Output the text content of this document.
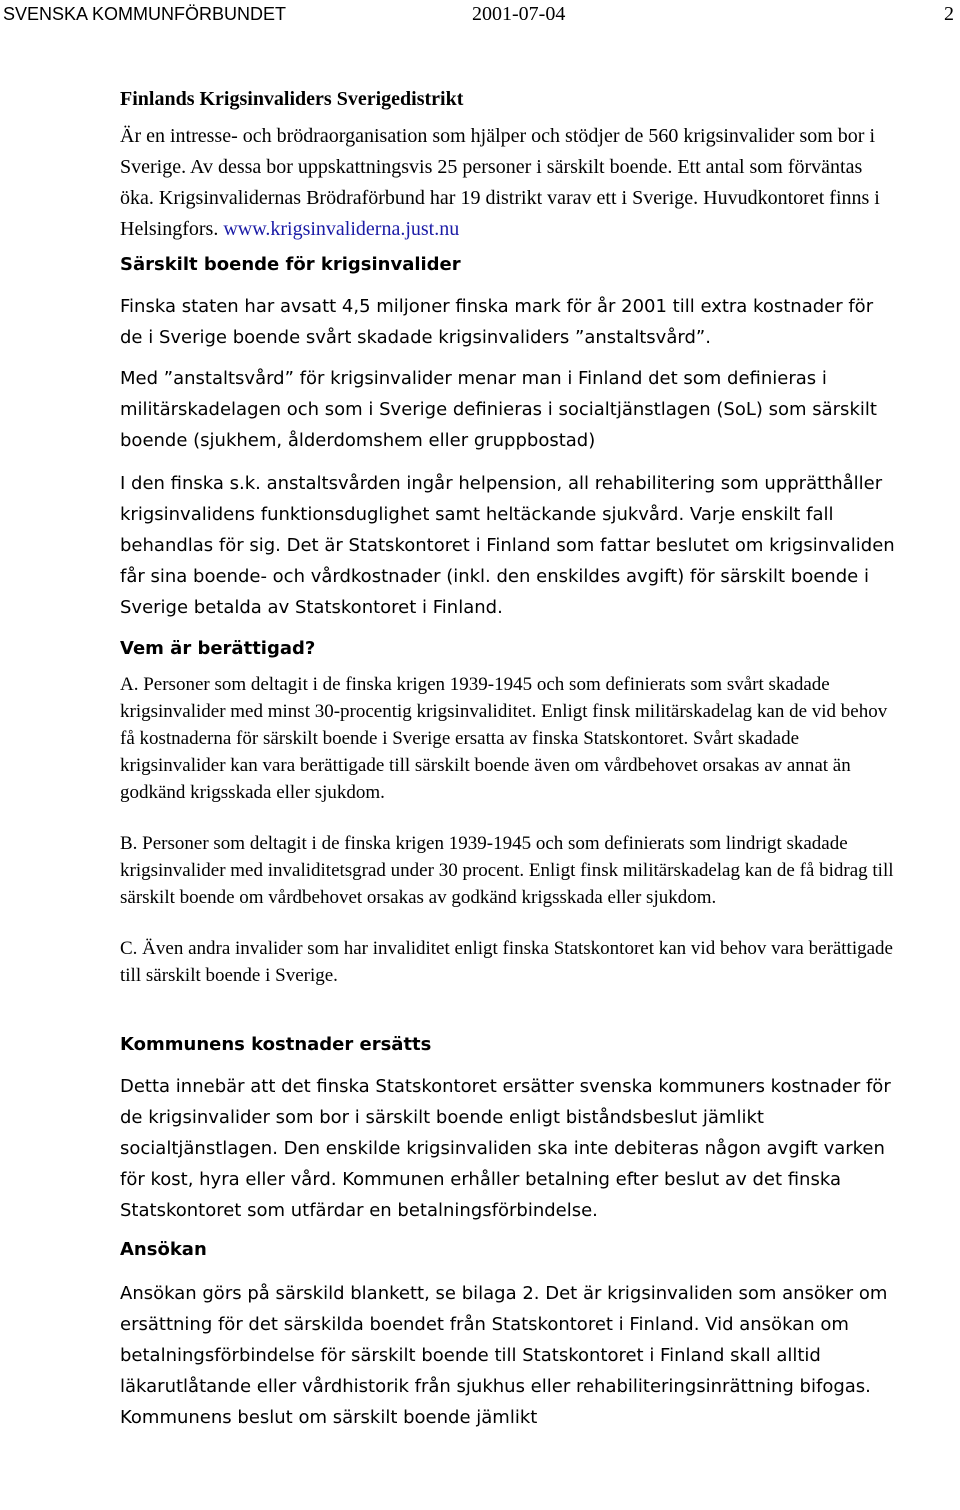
SVENSKA KOMMUNFÖRBUNDET	2001-07-04	2
Finlands Krigsinvaliders Sverigedistrikt

Är en intresse- och brödraorganisation som hjälper och stödjer de 560 krigsinvalider som bor i Sverige. Av dessa bor uppskattningsvis 25 personer i särskilt boende. Ett antal som förväntas öka. Krigsinvalidernas Brödraförbund har 19 distrikt varav ett i Sverige. Huvudkontoret finns i Helsingfors. www.krigsinvaliderna.just.nu

Särskilt boende för krigsinvalider

Finska staten har avsatt 4,5 miljoner finska mark för år 2001 till extra kostnader för de i Sverige boende svårt skadade krigsinvaliders ”anstaltsvård”.

Med ”anstaltsvård” för krigsinvalider menar man i Finland det som definieras i militärskadelagen och som i Sverige definieras i socialtjänstlagen (SoL) som särskilt boende (sjukhem, ålderdomshem eller gruppbostad)

I den finska s.k. anstaltsvården ingår helpension, all rehabilitering som upprätthåller krigsinvalidens funktionsduglighet samt heltäckande sjukvård. Varje enskilt fall behandlas för sig. Det är Statskontoret i Finland som fattar beslutet om krigsinvaliden får sina boende- och vårdkostnader (inkl. den enskildes avgift) för särskilt boende i Sverige betalda av Statskontoret i Finland.

Vem är berättigad?

A. Personer som deltagit i de finska krigen 1939-1945 och som definierats som svårt skadade krigsinvalider med minst 30-procentig krigsinvaliditet. Enligt finsk militärskadelag kan de vid behov få kostnaderna för särskilt boende i Sverige ersatta av finska Statskontoret. Svårt skadade krigsinvalider kan vara berättigade till särskilt boende även om vårdbehovet orsakas av annat än godkänd krigsskada eller sjukdom.

B. Personer som deltagit i de finska krigen 1939-1945 och som definierats som lindrigt skadade krigsinvalider med invaliditetsgrad under 30 procent. Enligt finsk militärskadelag kan de få bidrag till särskilt boende om vårdbehovet orsakas av godkänd krigsskada eller sjukdom.

C. Även andra invalider som har invaliditet enligt finska Statskontoret kan vid behov vara berättigade till särskilt boende i Sverige.

Kommunens kostnader ersätts

Detta innebär att det finska Statskontoret ersätter svenska kommuners kostnader för de krigsinvalider som bor i särskilt boende enligt biståndsbeslut jämlikt socialtjänstlagen. Den enskilde krigsinvaliden ska inte debiteras någon avgift varken för kost, hyra eller vård. Kommunen erhåller betalning efter beslut av det finska Statskontoret som utfärdar en betalningsförbindelse.

Ansökan

Ansökan görs på särskild blankett, se bilaga 2. Det är krigsinvaliden som ansöker om ersättning för det särskilda boendet från Statskontoret i Finland. Vid ansökan om betalningsförbindelse för särskilt boende till Statskontoret i Finland skall alltid läkarutlåtande eller vårdhistorik från sjukhus eller rehabiliteringsinrättning bifogas. Kommunens beslut om särskilt boende jämlikt
